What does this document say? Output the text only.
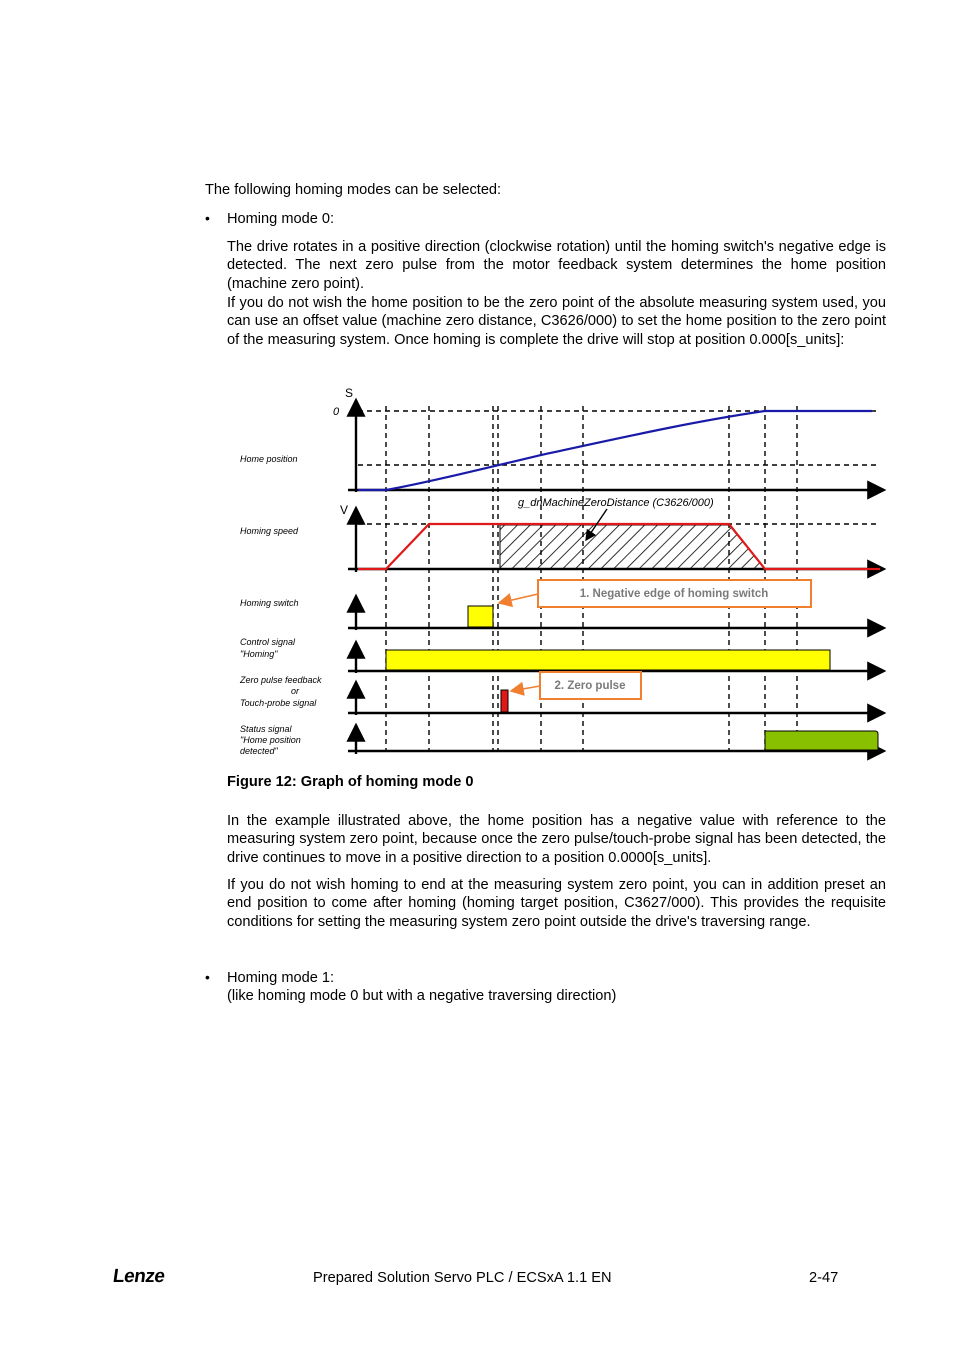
The following homing modes can be selected:

• Homing mode 0:

The drive rotates in a positive direction (clockwise rotation) until the homing switch's negative edge is detected. The next zero pulse from the motor feedback system determines the home position (machine zero point).

If you do not wish the home position to be the zero point of the absolute measuring system used, you can use an offset value (machine zero distance, C3626/000) to set the home position to the zero point of the measuring system. Once homing is complete the drive will stop at position 0.000[s_units]:

S
0
V	g_dnMachineZeroDistance (C3626/000)
1. Negative edge of homing switch
2. Zero pulse
Home position
Homing speed
Homing switch
Control signal
"Homing"
Zero pulse feedback
or
Touch-probe signal
Status signal
"Home position
detected"

Figure 12: Graph of homing mode 0

In the example illustrated above, the home position has a negative value with reference to the measuring system zero point, because once the zero pulse/touch-probe signal has been detected, the drive continues to move in a positive direction to a position 0.0000[s_units].

If you do not wish homing to end at the measuring system zero point, you can in addition preset an end position to come after homing (homing target position, C3627/000). This provides the requisite conditions for setting the measuring system zero point outside the drive's traversing range.

• Homing mode 1:

(like homing mode 0 but with a negative traversing direction)

Lenze	Prepared Solution Servo PLC / ECSxA 1.1 EN	2-47
